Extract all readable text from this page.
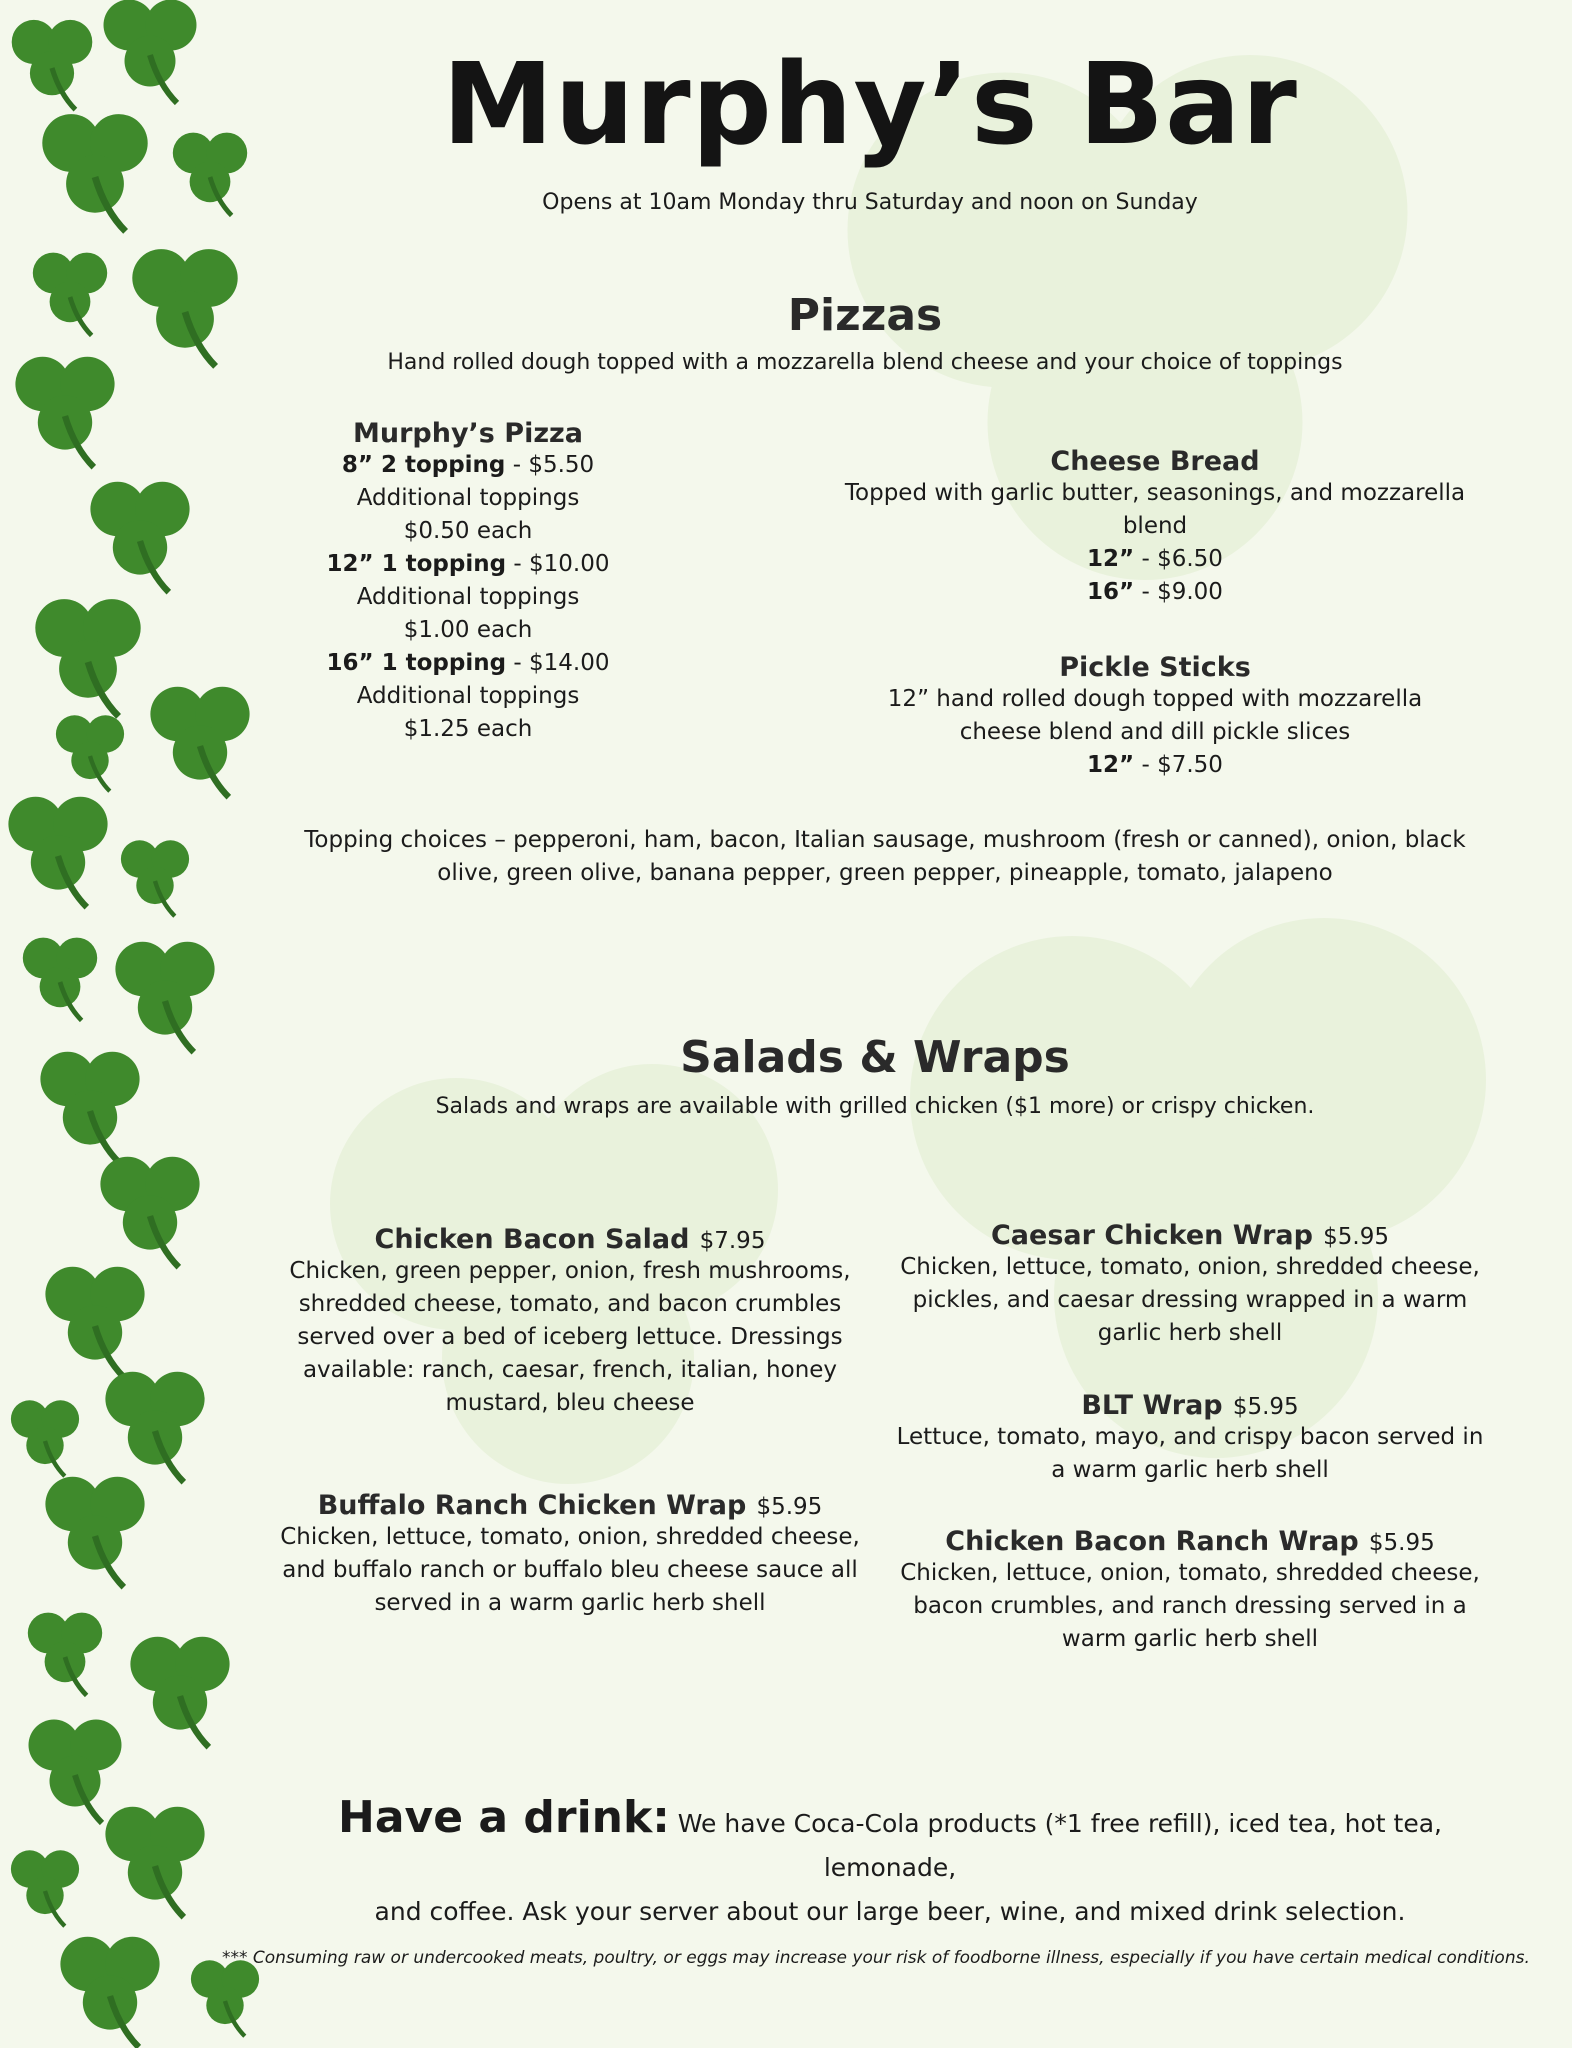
Murphy’s Bar
Opens at 10am Monday thru Saturday and noon on Sunday
Pizzas
Hand rolled dough topped with a mozzarella blend cheese and your choice of toppings
Murphy’s Pizza
8” 2 topping - $5.50
Additional toppings
$0.50 each
12” 1 topping - $10.00
Additional toppings
$1.00 each
16” 1 topping - $14.00
Additional toppings
$1.25 each
Cheese Bread
Topped with garlic butter, seasonings, and mozzarella
blend
12” - $6.50
16” - $9.00
Pickle Sticks
12” hand rolled dough topped with mozzarella
cheese blend and dill pickle slices
12” - $7.50
Topping choices – pepperoni, ham, bacon, Italian sausage, mushroom (fresh or canned), onion, black
olive, green olive, banana pepper, green pepper, pineapple, tomato, jalapeno
Salads & Wraps
Salads and wraps are available with grilled chicken ($1 more) or crispy chicken.
Chicken Bacon Salad $7.95
Chicken, green pepper, onion, fresh mushrooms,
shredded cheese, tomato, and bacon crumbles
served over a bed of iceberg lettuce. Dressings
available: ranch, caesar, french, italian, honey
mustard, bleu cheese
Buffalo Ranch Chicken Wrap $5.95
Chicken, lettuce, tomato, onion, shredded cheese,
and buffalo ranch or buffalo bleu cheese sauce all
served in a warm garlic herb shell
Caesar Chicken Wrap $5.95
Chicken, lettuce, tomato, onion, shredded cheese,
pickles, and caesar dressing wrapped in a warm
garlic herb shell
BLT Wrap $5.95
Lettuce, tomato, mayo, and crispy bacon served in
a warm garlic herb shell
Chicken Bacon Ranch Wrap $5.95
Chicken, lettuce, onion, tomato, shredded cheese,
bacon crumbles, and ranch dressing served in a
warm garlic herb shell
Have a drink: We have Coca-Cola products (*1 free refill), iced tea, hot tea, lemonade,
and coffee. Ask your server about our large beer, wine, and mixed drink selection.
*** Consuming raw or undercooked meats, poultry, or eggs may increase your risk of foodborne illness, especially if you have certain medical conditions.
